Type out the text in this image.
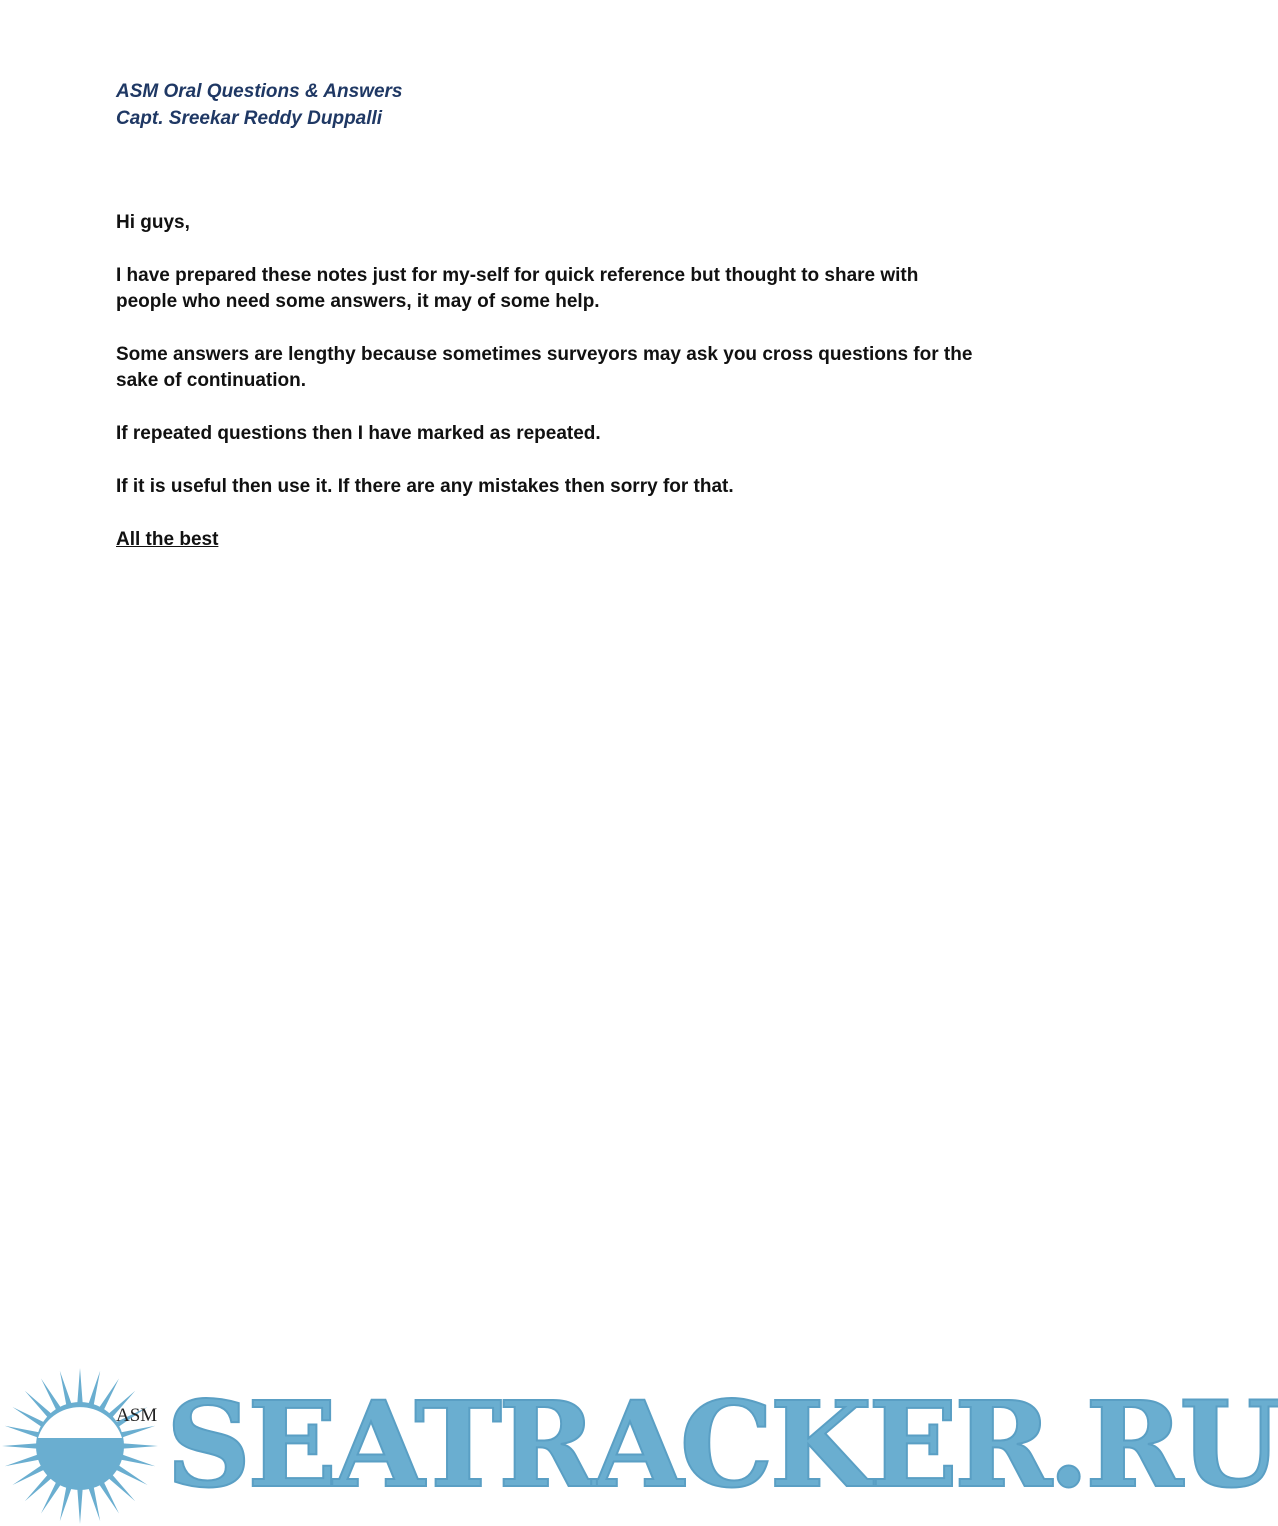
ASM Oral Questions & Answers
Capt. Sreekar Reddy Duppalli

Hi guys,

I have prepared these notes just for my-self for quick reference but thought to share with people who need some answers, it may of some help.

Some answers are lengthy because sometimes surveyors may ask you cross questions for the sake of continuation.

If repeated questions then I have marked as repeated.

If it is useful then use it. If there are any mistakes then sorry for that.

All the best

ASM SEATRACKER.RU
